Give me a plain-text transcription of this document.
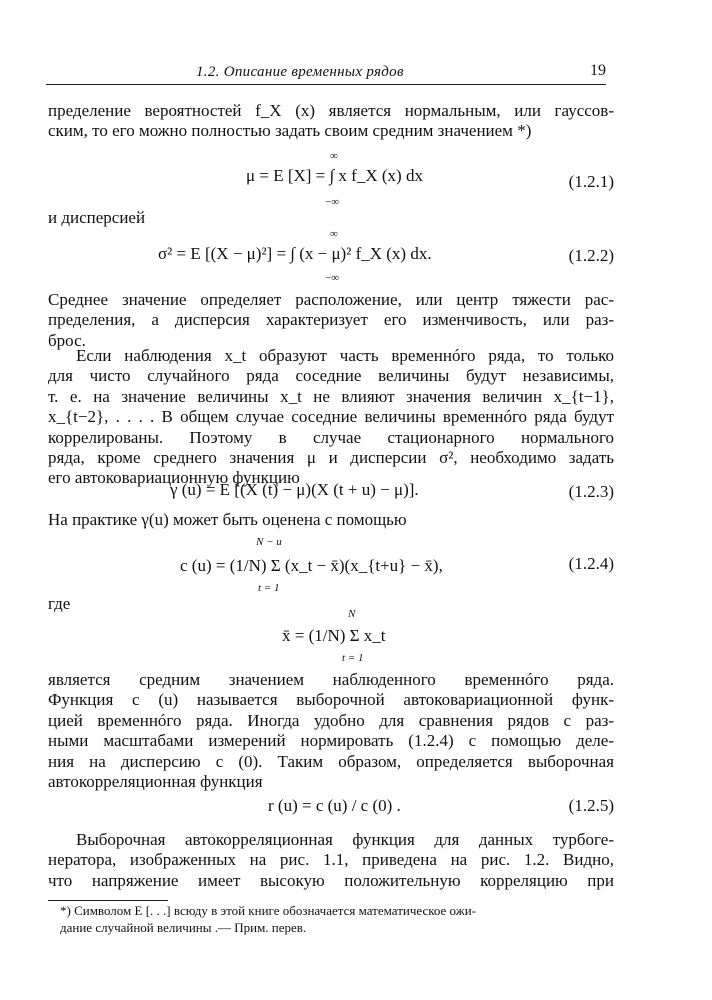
1.2. Описание временных рядов	19
пределение вероятностей f_X (x) является нормальным, или гауссов-
ским, то его можно полностью задать своим средним значением *)
μ = E [X] = ∫ x f_X (x) dx
∞
−∞
(1.2.1)
и дисперсией
σ² = E [(X − μ)²] = ∫ (x − μ)² f_X (x) dx.
∞
−∞
(1.2.2)
Среднее значение определяет расположение, или центр тяжести рас-
пределения, а дисперсия характеризует его изменчивость, или раз-
брос.
Если наблюдения x_t образуют часть временнóго ряда, то только
для чисто случайного ряда соседние величины будут независимы,
т. е. на значение величины x_t не влияют значения величин x_{t−1},
x_{t−2}, . . . . В общем случае соседние величины временнóго ряда будут
коррелированы. Поэтому в случае стационарного нормального
ряда, кроме среднего значения μ и дисперсии σ², необходимо задать
его автоковариационную функцию
γ (u) = E [(X (t) − μ)(X (t + u) − μ)].	(1.2.3)
На практике γ(u) может быть оценена с помощью
c (u) = (1/N) Σ (x_t − x̄)(x_{t+u} − x̄),
N − u
t = 1
(1.2.4)
где
x̄ = (1/N) Σ x_t
N
t = 1
является средним значением наблюденного временнóго ряда.
Функция c (u) называется выборочной автоковариационной функ-
цией временнóго ряда. Иногда удобно для сравнения рядов с раз-
ными масштабами измерений нормировать (1.2.4) с помощью деле-
ния на дисперсию c (0). Таким образом, определяется выборочная
автокорреляционная функция
r (u) = c (u) / c (0) .	(1.2.5)
Выборочная автокорреляционная функция для данных турбоге-
нератора, изображенных на рис. 1.1, приведена на рис. 1.2. Видно,
что напряжение имеет высокую положительную корреляцию при
*) Символом E [. . .] всюду в этой книге обозначается математическое ожи-
дание случайной величины .— Прим. перев.
